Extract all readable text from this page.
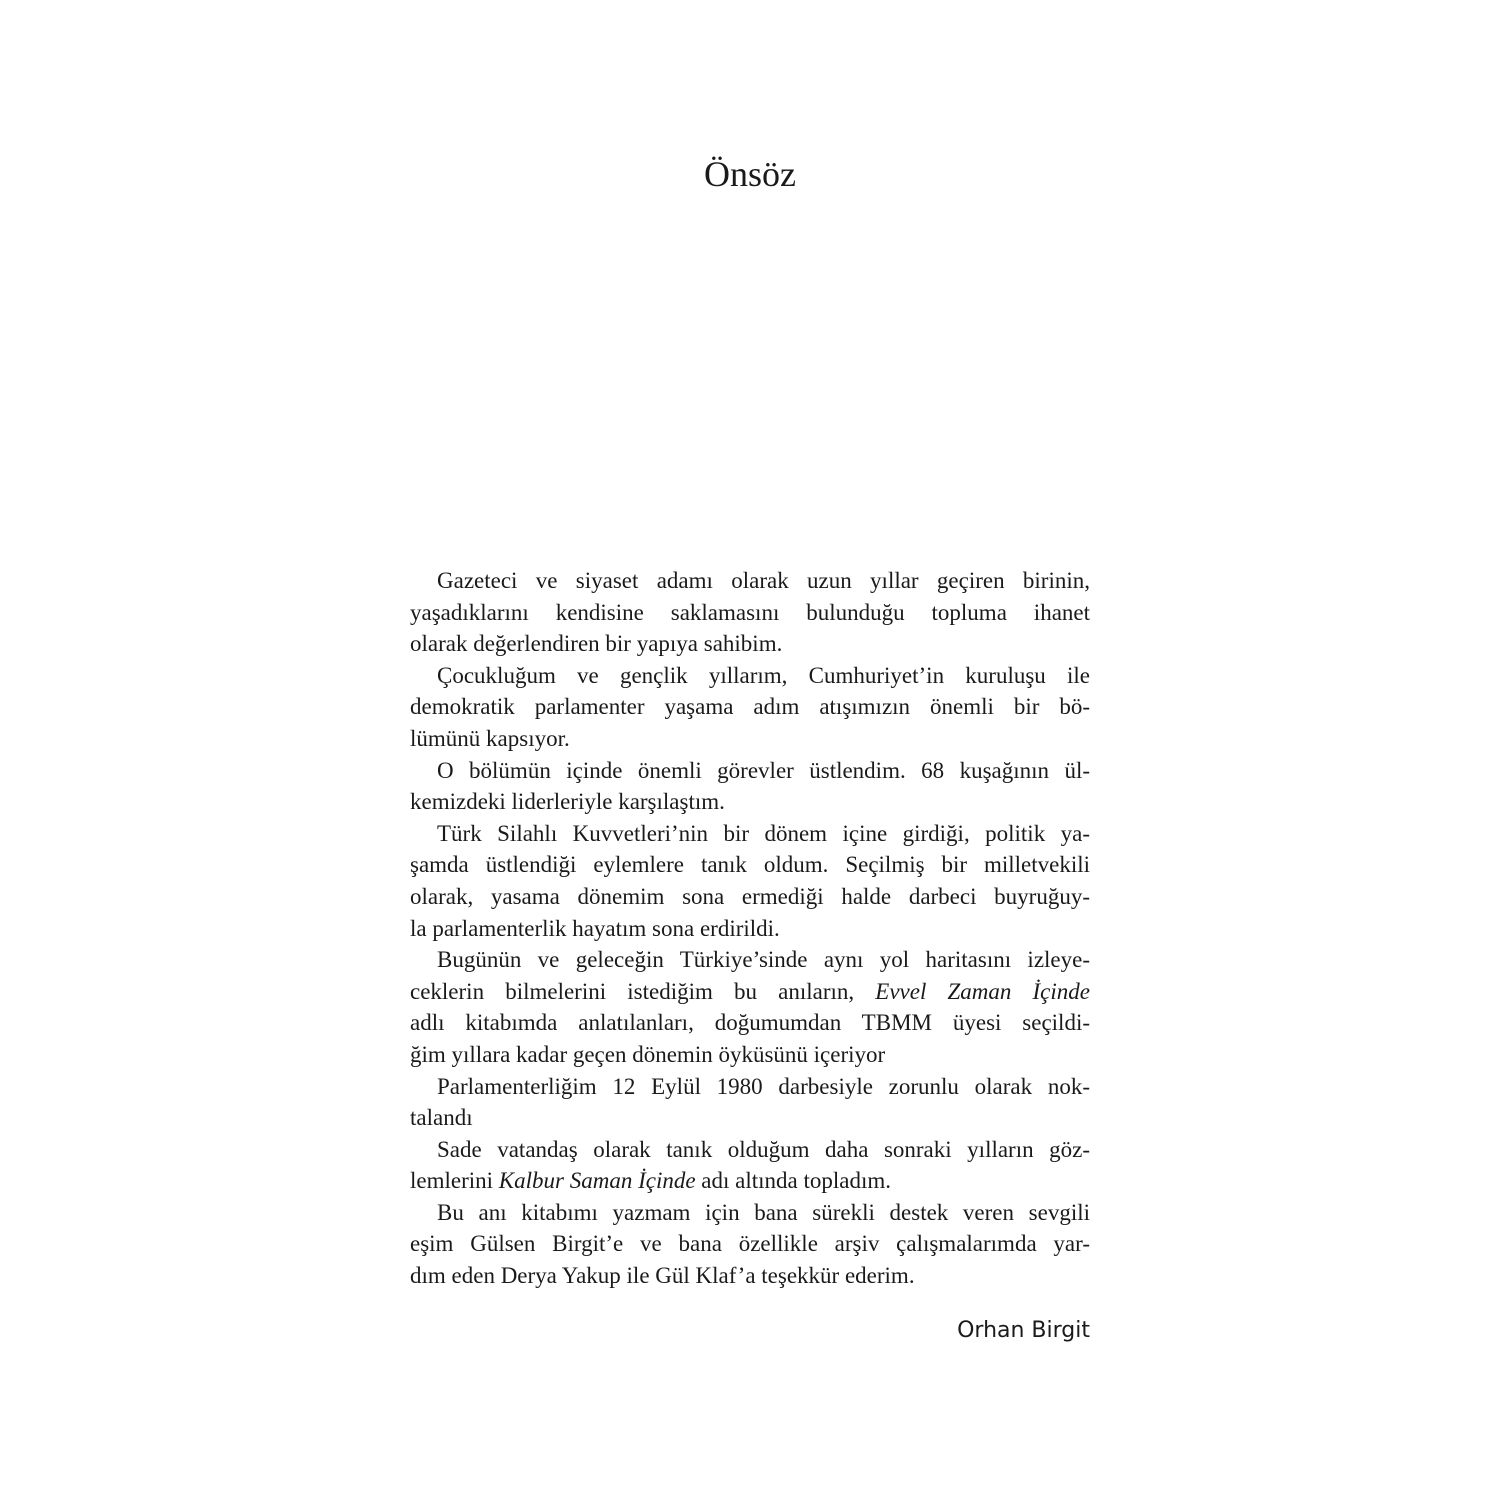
Önsöz
Gazeteci ve siyaset adamı olarak uzun yıllar geçiren birinin,
yaşadıklarını kendisine saklamasını bulunduğu topluma ihanet
olarak değerlendiren bir yapıya sahibim.
Çocukluğum ve gençlik yıllarım, Cumhuriyet’in kuruluşu ile
demokratik parlamenter yaşama adım atışımızın önemli bir bö-
lümünü kapsıyor.
O bölümün içinde önemli görevler üstlendim. 68 kuşağının ül-
kemizdeki liderleriyle karşılaştım.
Türk Silahlı Kuvvetleri’nin bir dönem içine girdiği, politik ya-
şamda üstlendiği eylemlere tanık oldum. Seçilmiş bir milletvekili
olarak, yasama dönemim sona ermediği halde darbeci buyruğuy-
la parlamenterlik hayatım sona erdirildi.
Bugünün ve geleceğin Türkiye’sinde aynı yol haritasını izleye-
ceklerin bilmelerini istediğim bu anıların, Evvel Zaman İçinde
adlı kitabımda anlatılanları, doğumumdan TBMM üyesi seçildi-
ğim yıllara kadar geçen dönemin öyküsünü içeriyor
Parlamenterliğim 12 Eylül 1980 darbesiyle zorunlu olarak nok-
talandı
Sade vatandaş olarak tanık olduğum daha sonraki yılların göz-
lemlerini Kalbur Saman İçinde adı altında topladım.
Bu anı kitabımı yazmam için bana sürekli destek veren sevgili
eşim Gülsen Birgit’e ve bana özellikle arşiv çalışmalarımda yar-
dım eden Derya Yakup ile Gül Klaf’a teşekkür ederim.
Orhan Birgit
